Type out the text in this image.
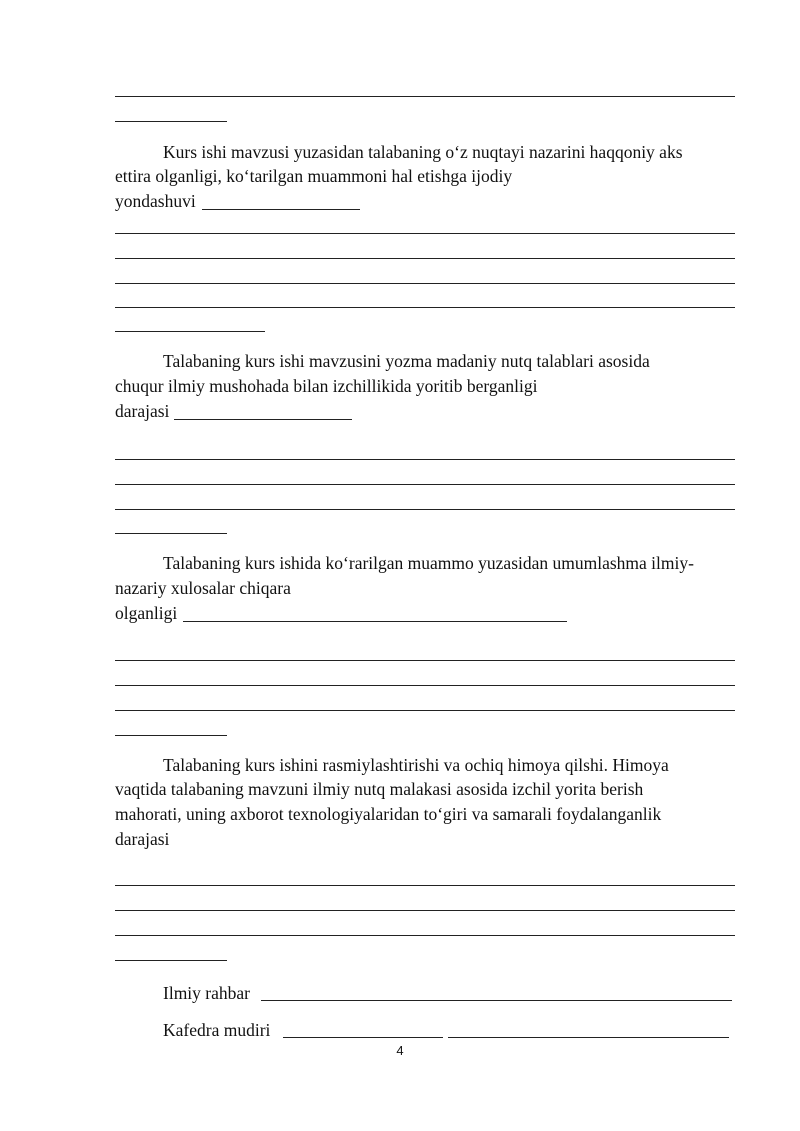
Kurs ishi mavzusi yuzasidan talabaning o‘z nuqtayi nazarini haqqoniy aks
ettira olganligi, ko‘tarilgan muammoni hal etishga ijodiy
yondashuvi
Talabaning kurs ishi mavzusini yozma madaniy nutq talablari asosida
chuqur ilmiy mushohada bilan izchillikida yoritib berganligi
darajasi
Talabaning kurs ishida ko‘rarilgan muammo yuzasidan umumlashma ilmiy-
nazariy xulosalar chiqara
olganligi
Talabaning kurs ishini rasmiylashtirishi va ochiq himoya qilshi. Himoya
vaqtida talabaning mavzuni ilmiy nutq malakasi asosida izchil yorita berish
mahorati, uning axborot texnologiyalaridan to‘giri va samarali foydalanganlik
darajasi
Ilmiy rahbar
Kafedra mudiri
4
